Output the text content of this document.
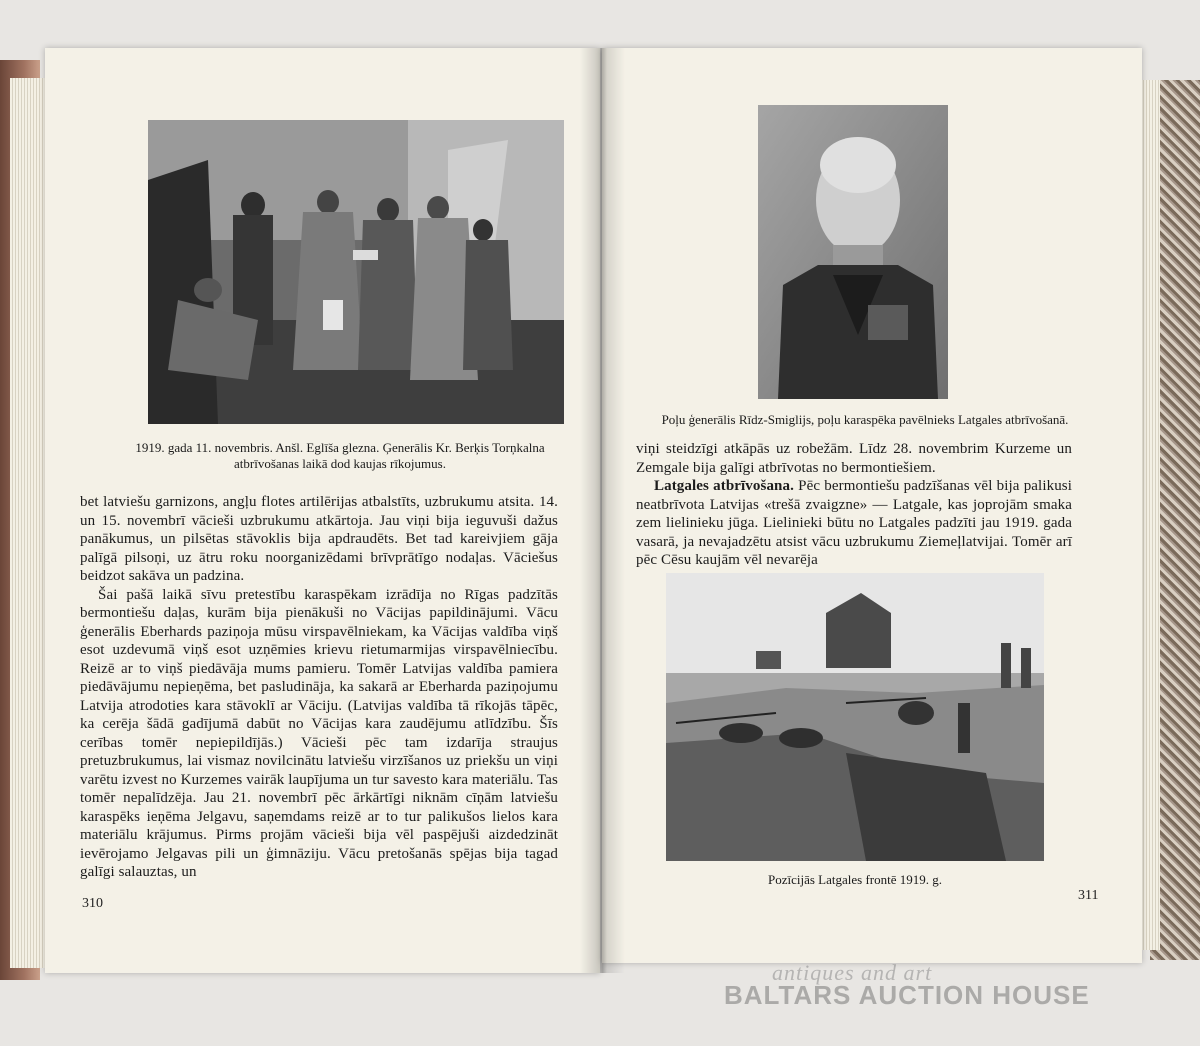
1919. gada 11. novembris. Anšl. Eglīša glezna. Ģenerālis Kr. Berķis Torņkalna atbrīvošanas laikā dod kaujas rīkojumus.

bet latviešu garnizons, angļu flotes artilērijas atbalstīts, uzbrukumu atsita. 14. un 15. novembrī vācieši uzbrukumu atkārtoja. Jau viņi bija ieguvuši dažus panākumus, un pilsētas stāvoklis bija apdraudēts. Bet tad kareivjiem gāja palīgā pilsoņi, uz ātru roku noorganizēdami brīvprātīgo nodaļas. Vāciešus beidzot sakāva un padzina.

Šai pašā laikā sīvu pretestību karaspēkam izrādīja no Rīgas padzītās bermontiešu daļas, kurām bija pienākuši no Vācijas papildinājumi. Vācu ģenerālis Eberhards paziņoja mūsu virspavēlniekam, ka Vācijas valdība viņš esot uzdevumā viņš esot uzņēmies krievu rietumarmijas virspavēlniecību. Reizē ar to viņš piedāvāja mums pamieru. Tomēr Latvijas valdība pamiera piedāvājumu nepieņēma, bet pasludināja, ka sakarā ar Eberharda paziņojumu Latvija atrodoties kara stāvoklī ar Vāciju. (Latvijas valdība tā rīkojās tāpēc, ka cerēja šādā gadījumā dabūt no Vācijas kara zaudējumu atlīdzību. Šīs cerības tomēr nepiepildījās.) Vācieši pēc tam izdarīja straujus pretuzbrukumus, lai vismaz novilcinātu latviešu virzīšanos uz priekšu un viņi varētu izvest no Kurzemes vairāk laupījuma un tur savesto kara materiālu. Tas tomēr nepalīdzēja. Jau 21. novembrī pēc ārkārtīgi niknām cīņām latviešu karaspēks ieņēma Jelgavu, saņemdams reizē ar to tur palikušos lielos kara materiālu krājumus. Pirms projām vācieši bija vēl paspējuši aizdedzināt ievērojamo Jelgavas pili un ģimnāziju. Vācu pretošanās spējas bija tagad galīgi salauztas, un

310
Poļu ģenerālis Rīdz-Smiglijs, poļu karaspēka pavēlnieks Latgales atbrīvošanā.

viņi steidzīgi atkāpās uz robežām. Līdz 28. novembrim Kurzeme un Zemgale bija galīgi atbrīvotas no bermontiešiem.

Latgales atbrīvošana. Pēc bermontiešu padzīšanas vēl bija palikusi neatbrīvota Latvijas «trešā zvaigzne» — Latgale, kas joprojām smaka zem lielinieku jūga. Lielinieki būtu no Latgales padzīti jau 1919. gada vasarā, ja nevajadzētu atsist vācu uzbrukumu Ziemeļlatvijai. Tomēr arī pēc Cēsu kaujām vēl nevarēja

Pozīcijās Latgales frontē 1919. g.
311
antiques and art
BALTARS AUCTION HOUSE
